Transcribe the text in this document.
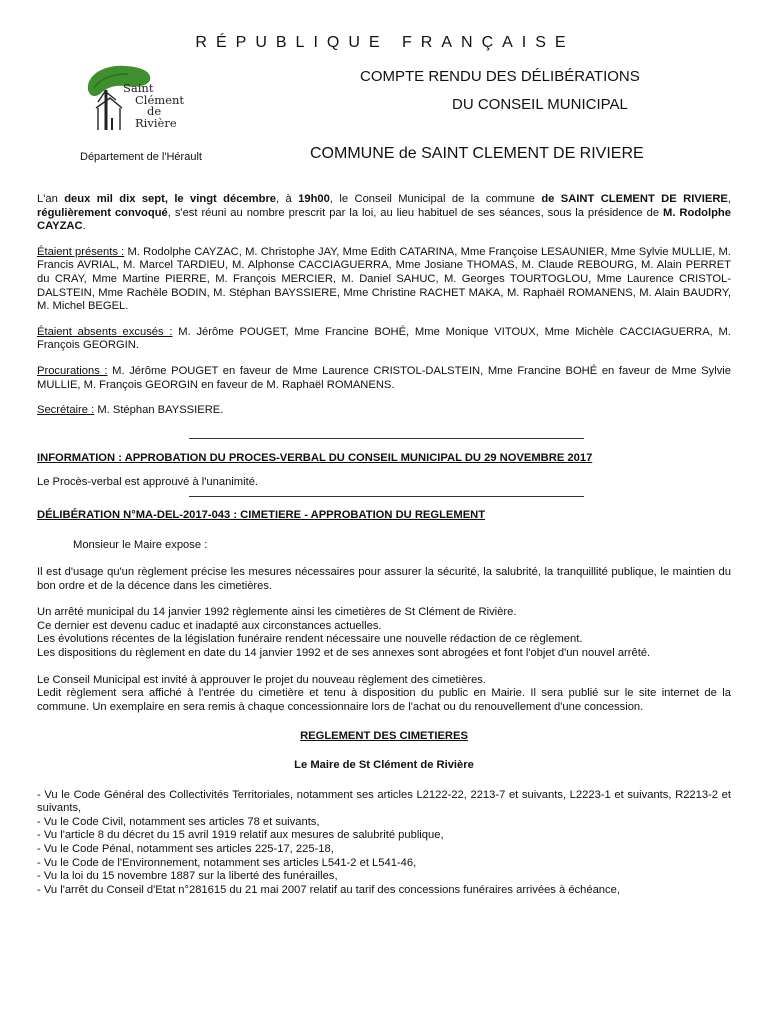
RÉPUBLIQUE FRANÇAISE
Saint
Clément
de
Rivière
COMPTE RENDU DES DÉLIBÉRATIONS
DU CONSEIL MUNICIPAL
Département de l'Hérault	COMMUNE de SAINT CLEMENT DE RIVIERE

L'an deux mil dix sept, le vingt décembre, à 19h00, le Conseil Municipal de la commune de SAINT CLEMENT DE RIVIERE, régulièrement convoqué, s'est réuni au nombre prescrit par la loi, au lieu habituel de ses séances, sous la présidence de M. Rodolphe CAYZAC.

Étaient présents : M. Rodolphe CAYZAC, M. Christophe JAY, Mme Edith CATARINA, Mme Françoise LESAUNIER, Mme Sylvie MULLIE, M. Francis AVRIAL, M. Marcel TARDIEU, M. Alphonse CACCIAGUERRA, Mme Josiane THOMAS, M. Claude REBOURG, M. Alain PERRET du CRAY, Mme Martine PIERRE, M. François MERCIER, M. Daniel SAHUC, M. Georges TOURTOGLOU, Mme Laurence CRISTOL-DALSTEIN, Mme Rachèle BODIN, M. Stéphan BAYSSIERE, Mme Christine RACHET MAKA, M. Raphaël ROMANENS, M. Alain BAUDRY, M. Michel BEGEL.

Étaient absents excusés : M. Jérôme POUGET, Mme Francine BOHÉ, Mme Monique VITOUX, Mme Michèle CACCIAGUERRA, M. François GEORGIN.

Procurations : M. Jérôme POUGET en faveur de Mme Laurence CRISTOL-DALSTEIN, Mme Francine BOHÉ en faveur de Mme Sylvie MULLIE, M. François GEORGIN en faveur de M. Raphaël ROMANENS.

Secrétaire : M. Stéphan BAYSSIERE.

INFORMATION : APPROBATION DU PROCES-VERBAL DU CONSEIL MUNICIPAL DU 29 NOVEMBRE 2017

Le Procès-verbal est approuvé à l'unanimité.

DÉLIBÉRATION N°MA-DEL-2017-043 : CIMETIERE - APPROBATION DU REGLEMENT

Monsieur le Maire expose :

Il est d'usage qu'un règlement précise les mesures nécessaires pour assurer la sécurité, la salubrité, la tranquillité publique, le maintien du bon ordre et de la décence dans les cimetières.

Un arrêté municipal du 14 janvier 1992 règlemente ainsi les cimetières de St Clément de Rivière.
Ce dernier est devenu caduc et inadapté aux circonstances actuelles.
Les évolutions récentes de la législation funéraire rendent nécessaire une nouvelle rédaction de ce règlement.
Les dispositions du règlement en date du 14 janvier 1992 et de ses annexes sont abrogées et font l'objet d'un nouvel arrêté.
Le Conseil Municipal est invité à approuver le projet du nouveau règlement des cimetières.
Ledit règlement sera affiché à l'entrée du cimetière et tenu à disposition du public en Mairie. Il sera publié sur le site internet de la commune. Un exemplaire en sera remis à chaque concessionnaire lors de l'achat ou du renouvellement d'une concession.
REGLEMENT DES CIMETIERES
Le Maire de St Clément de Rivière
- Vu le Code Général des Collectivités Territoriales, notamment ses articles L2122-22, 2213-7 et suivants, L2223-1 et suivants, R2213-2 et suivants,
- Vu le Code Civil, notamment ses articles 78 et suivants,
- Vu l'article 8 du décret du 15 avril 1919 relatif aux mesures de salubrité publique,
- Vu le Code Pénal, notamment ses articles 225-17, 225-18,
- Vu le Code de l'Environnement, notamment ses articles L541-2 et L541-46,
- Vu la loi du 15 novembre 1887 sur la liberté des funérailles,
- Vu l'arrêt du Conseil d'Etat n°281615 du 21 mai 2007 relatif au tarif des concessions funéraires arrivées à échéance,
